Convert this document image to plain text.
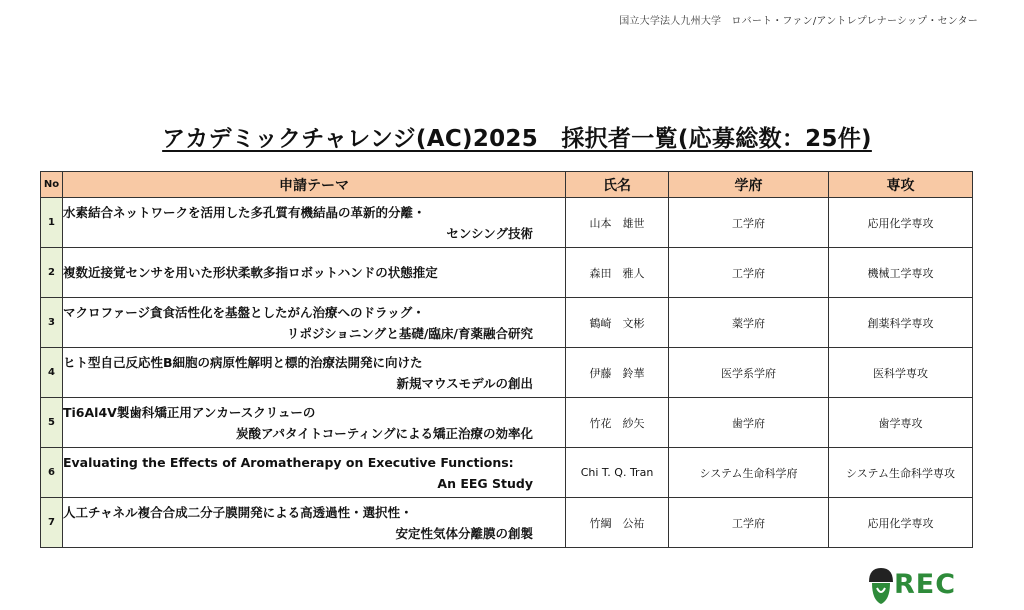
国立大学法人九州大学　ロバート・ファン/アントレプレナーシップ・センター
アカデミックチャレンジ(AC)2025　採択者一覧(応募総数：25件)
No	申請テーマ	氏名	学府	専攻
1	水素結合ネットワークを活用した多孔質有機結晶の革新的分離・
センシング技術	山本　雄世	工学府	応用化学専攻
2	複数近接覚センサを用いた形状柔軟多指ロボットハンドの状態推定	森田　雅人	工学府	機械工学専攻
3	マクロファージ貪食活性化を基盤としたがん治療へのドラッグ・
リポジショニングと基礎/臨床/育薬融合研究	鶴崎　文彬	薬学府	創薬科学専攻
4	ヒト型自己反応性B細胞の病原性解明と標的治療法開発に向けた
新規マウスモデルの創出	伊藤　鈴華	医学系学府	医科学専攻
5	Ti6Al4V製歯科矯正用アンカースクリューの
炭酸アパタイトコーティングによる矯正治療の効率化	竹花　紗矢	歯学府	歯学専攻
6	Evaluating the Effects of Aromatherapy on Executive Functions:
An EEG Study	Chi T. Q. Tran	システム生命科学府	システム生命科学専攻
7	人工チャネル複合合成二分子膜開発による高透過性・選択性・
安定性気体分離膜の創製	竹綱　公祐	工学府	応用化学専攻
REC
